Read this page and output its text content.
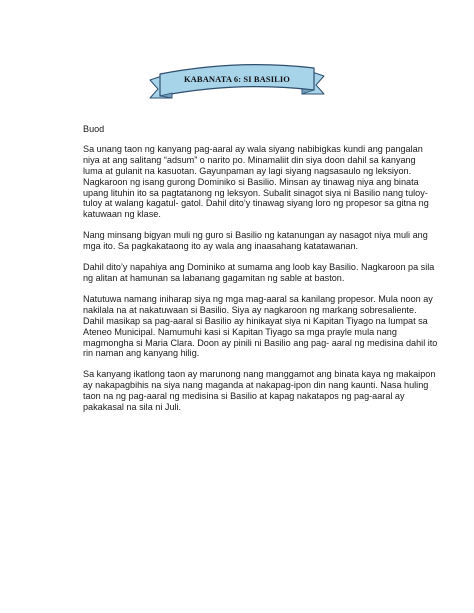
KABANATA 6: SI BASILIO
Buod
Sa unang taon ng kanyang pag-aaral ay wala siyang nabibigkas kundi ang pangalan
niya at ang salitang “adsum” o narito po. Minamaliit din siya doon dahil sa kanyang
luma at gulanit na kasuotan. Gayunpaman ay lagi siyang nagsasaulo ng leksiyon.
Nagkaroon ng isang gurong Dominiko si Basilio. Minsan ay tinawag niya ang binata
upang lituhin ito sa pagtatanong ng leksyon. Subalit sinagot siya ni Basilio nang tuloy-
tuloy at walang kagatul- gatol. Dahil dito’y tinawag siyang loro ng propesor sa gitna ng
katuwaan ng klase.
Nang minsang bigyan muli ng guro si Basilio ng katanungan ay nasagot niya muli ang
mga ito. Sa pagkakataong ito ay wala ang inaasahang katatawanan.
Dahil dito’y napahiya ang Dominiko at sumama ang loob kay Basilio. Nagkaroon pa sila
ng alitan at hamunan sa labanang gagamitan ng sable at baston.
Natutuwa namang iniharap siya ng mga mag-aaral sa kanilang propesor. Mula noon ay
nakilala na at nakatuwaan si Basilio. Siya ay nagkaroon ng markang sobresaliente.
Dahil masikap sa pag-aaral si Basilio ay hinikayat siya ni Kapitan Tiyago na lumpat sa
Ateneo Municipal. Namumuhi kasi si Kapitan Tiyago sa mga prayle mula nang
magmongha si Maria Clara. Doon ay pinili ni Basilio ang pag- aaral ng medisina dahil ito
rin naman ang kanyang hilig.
Sa kanyang ikatlong taon ay marunong nang manggamot ang binata kaya ng makaipon
ay nakapagbihis na siya nang maganda at nakapag-ipon din nang kaunti. Nasa huling
taon na ng pag-aaral ng medisina si Basilio at kapag nakatapos ng pag-aaral ay
pakakasal na sila ni Juli.
